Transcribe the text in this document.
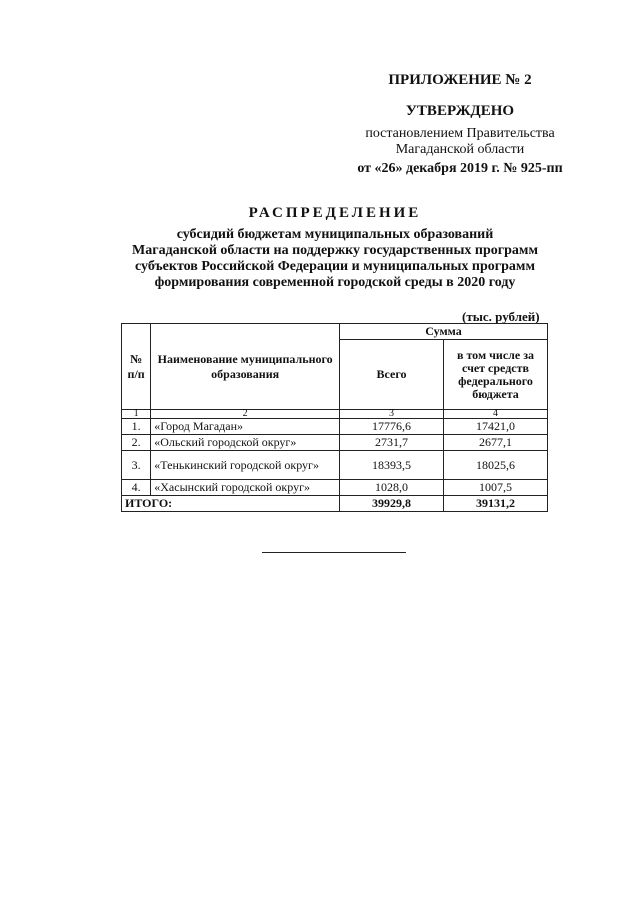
ПРИЛОЖЕНИЕ № 2
УТВЕРЖДЕНО
постановлением Правительства
Магаданской области
от «26» декабря 2019 г. № 925-пп
РАСПРЕДЕЛЕНИЕ
субсидий бюджетам муниципальных образований
Магаданской области на поддержку государственных программ
субъектов Российской Федерации и муниципальных программ
формирования современной городской среды в 2020 году
(тыс. рублей)
№ п/п	Наименование муниципального образования	Сумма	
		Всего	в том числе за счет средств федерального бюджета
1	2	3	4
1.	«Город Магадан»	17776,6	17421,0
2.	«Ольский городской округ»	2731,7	2677,1
3.	«Тенькинский городской округ»	18393,5	18025,6
4.	«Хасынский городской округ»	1028,0	1007,5
ИТОГО:		39929,8	39131,2
